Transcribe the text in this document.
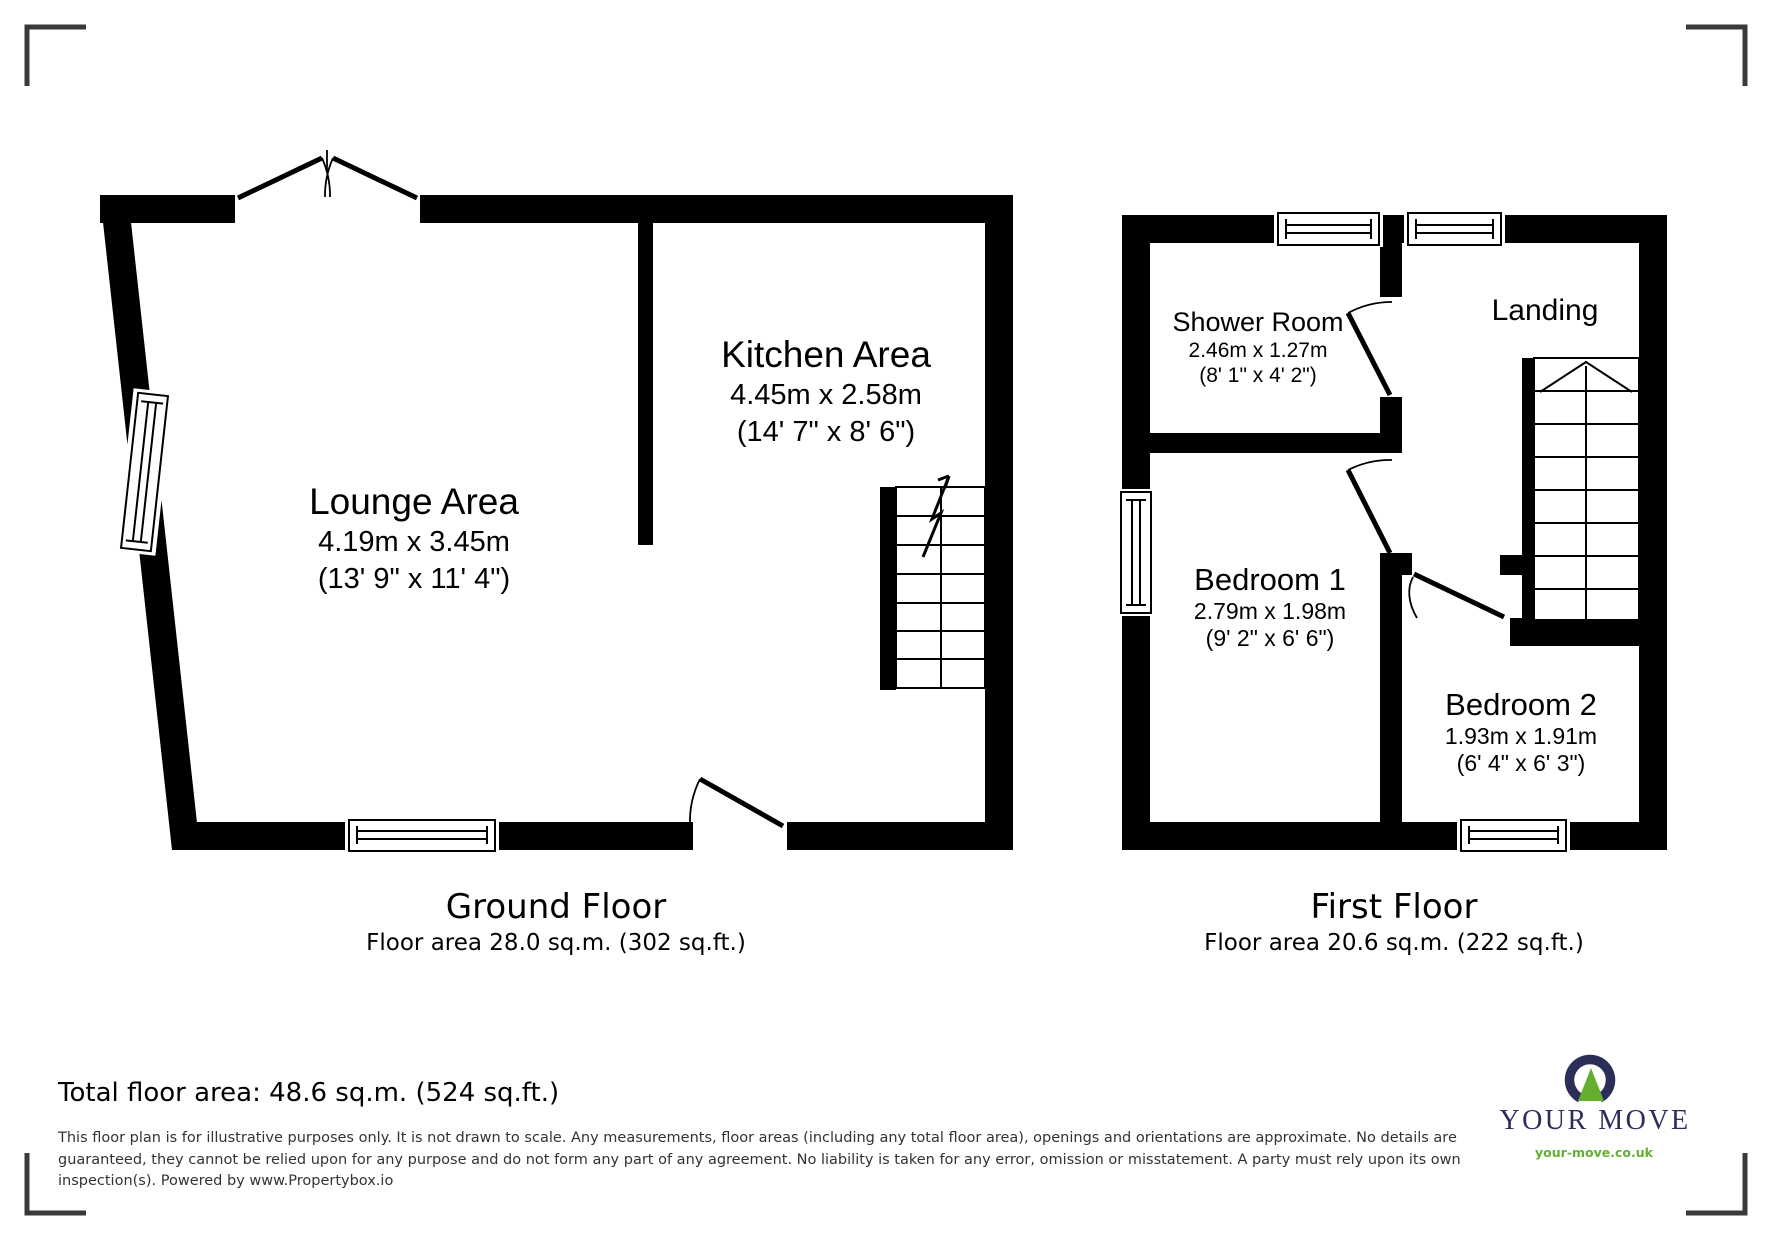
Lounge Area
4.19m x 3.45m
(13' 9" x 11' 4")
Kitchen Area
4.45m x 2.58m
(14' 7" x 8' 6")
Shower Room
2.46m x 1.27m
(8' 1" x 4' 2")
Landing
Bedroom 1
2.79m x 1.98m
(9' 2" x 6' 6")
Bedroom 2
1.93m x 1.91m
(6' 4" x 6' 3")
Ground Floor
Floor area 28.0 sq.m. (302 sq.ft.)
First Floor
Floor area 20.6 sq.m. (222 sq.ft.)
Total floor area: 48.6 sq.m. (524 sq.ft.)
This floor plan is for illustrative purposes only. It is not drawn to scale. Any measurements, floor areas (including any total floor area), openings and orientations are approximate. No details are
guaranteed, they cannot be relied upon for any purpose and do not form any part of any agreement. No liability is taken for any error, omission or misstatement. A party must rely upon its own
inspection(s). Powered by www.Propertybox.io
YOUR MOVE
your-move.co.uk
